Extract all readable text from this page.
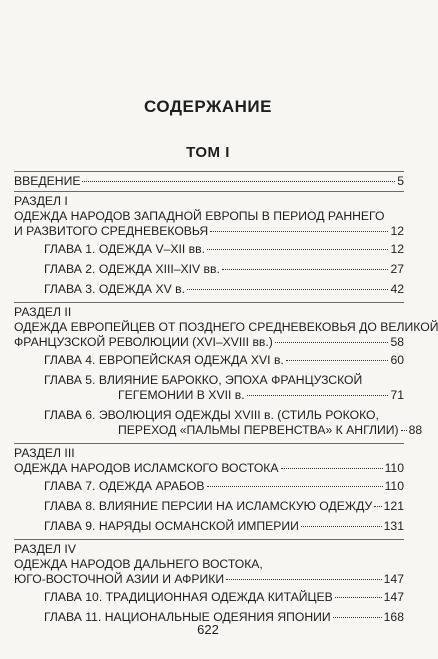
СОДЕРЖАНИЕ
ТОМ I
ВВЕДЕНИЕ	5
РАЗДЕЛ I
ОДЕЖДА НАРОДОВ ЗАПАДНОЙ ЕВРОПЫ В ПЕРИОД РАННЕГО
И РАЗВИТОГО СРЕДНЕВЕКОВЬЯ	12
ГЛАВА 1. ОДЕЖДА V–XII вв.	12
ГЛАВА 2. ОДЕЖДА XIII–XIV вв.	27
ГЛАВА 3. ОДЕЖДА XV в.	42
РАЗДЕЛ II
ОДЕЖДА ЕВРОПЕЙЦЕВ ОТ ПОЗДНЕГО СРЕДНЕВЕКОВЬЯ ДО ВЕЛИКОЙ
ФРАНЦУЗСКОЙ РЕВОЛЮЦИИ (XVI–XVIII вв.)	58
ГЛАВА 4. ЕВРОПЕЙСКАЯ ОДЕЖДА XVI в.	60
ГЛАВА 5. ВЛИЯНИЕ БАРОККО, ЭПОХА ФРАНЦУЗСКОЙ
ГЕГЕМОНИИ В XVII в.	71
ГЛАВА 6. ЭВОЛЮЦИЯ ОДЕЖДЫ XVIII в. (СТИЛЬ РОКОКО,
ПЕРЕХОД «ПАЛЬМЫ ПЕРВЕНСТВА» К АНГЛИИ) 88
РАЗДЕЛ III
ОДЕЖДА НАРОДОВ ИСЛАМСКОГО ВОСТОКА	110
ГЛАВА 7. ОДЕЖДА АРАБОВ	110
ГЛАВА 8. ВЛИЯНИЕ ПЕРСИИ НА ИСЛАМСКУЮ ОДЕЖДУ 121
ГЛАВА 9. НАРЯДЫ ОСМАНСКОЙ ИМПЕРИИ	131
РАЗДЕЛ IV
ОДЕЖДА НАРОДОВ ДАЛЬНЕГО ВОСТОКА,
ЮГО-ВОСТОЧНОЙ АЗИИ И АФРИКИ	147
ГЛАВА 10. ТРАДИЦИОННАЯ ОДЕЖДА КИТАЙЦЕВ	147
ГЛАВА 11. НАЦИОНАЛЬНЫЕ ОДЕЯНИЯ ЯПОНИИ	168
622
